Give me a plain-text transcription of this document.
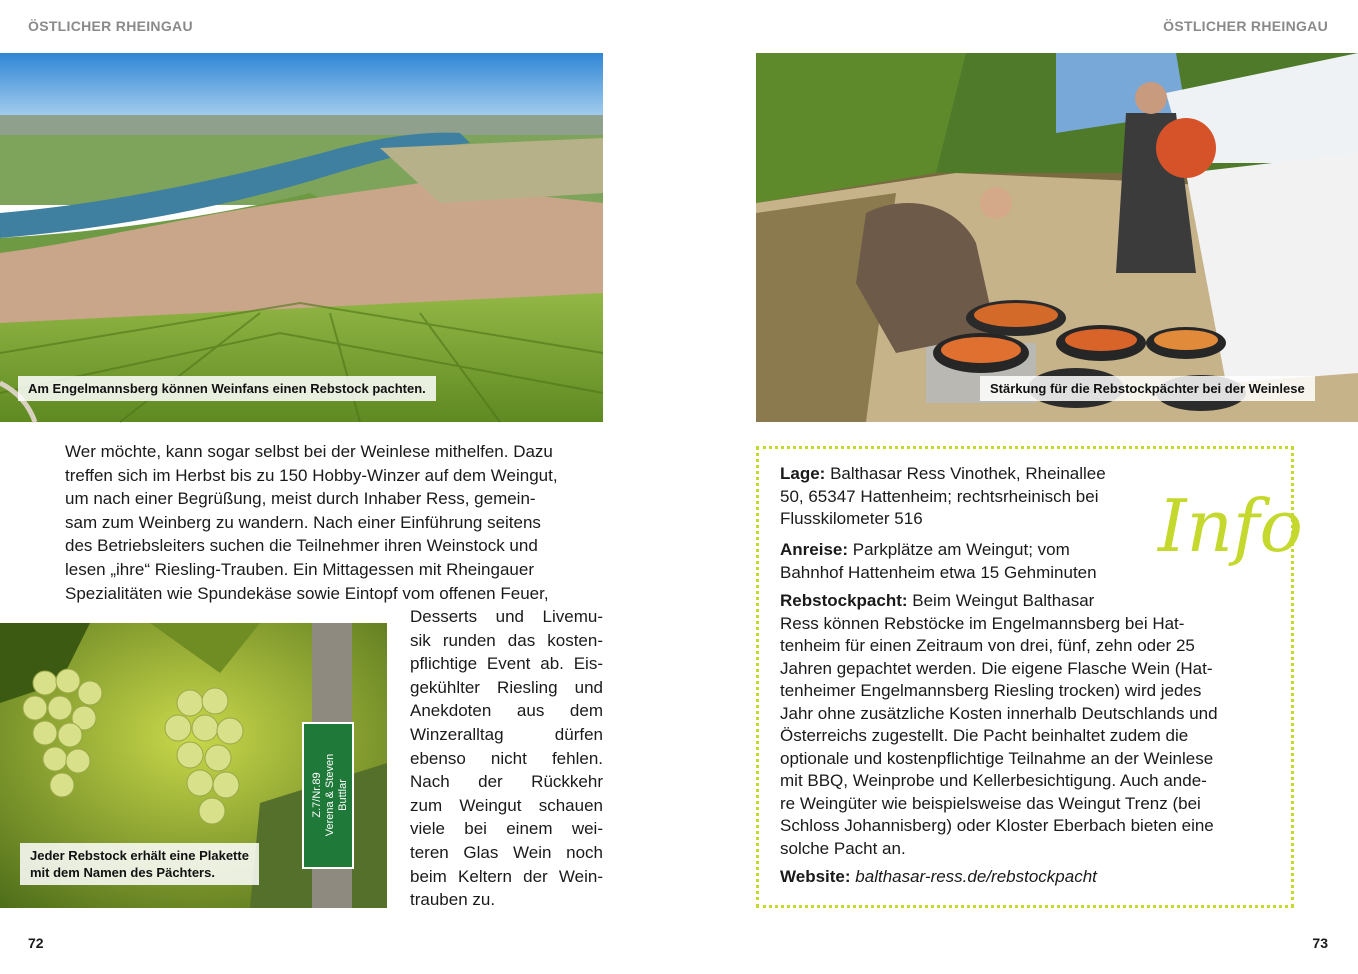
ÖSTLICHER RHEINGAU	ÖSTLICHER RHEINGAU
Am Engelmannsberg können Weinfans einen Rebstock pachten.	Stärkung für die Rebstockpächter bei der Weinlese
Wer möchte, kann sogar selbst bei der Weinlese mithelfen. Dazu
treffen sich im Herbst bis zu 150 Hobby-Winzer auf dem Weingut,
um nach einer Begrüßung, meist durch Inhaber Ress, gemein-
sam zum Weinberg zu wandern. Nach einer Einführung seitens
des Betriebsleiters suchen die Teilnehmer ihren Weinstock und
lesen „ihre“ Riesling-Trauben. Ein Mittagessen mit Rheingauer
Spezialitäten wie Spundekäse sowie Eintopf vom offenen Feuer,
Z.7/Nr.89 Verena & Steven Buttlar
Jeder Rebstock erhält eine Plakette
mit dem Namen des Pächters.
Desserts und Livemu-
sik runden das kosten-
pflichtige Event ab. Eis-
gekühlter Riesling und
Anekdoten aus dem
Winzeralltag dürfen
ebenso nicht fehlen.
Nach der Rückkehr
zum Weingut schauen
viele bei einem wei-
teren Glas Wein noch
beim Keltern der Wein-
trauben zu.
Info
Lage: Balthasar Ress Vinothek, Rheinallee
50, 65347 Hattenheim; rechtsrheinisch bei
Flusskilometer 516
Anreise: Parkplätze am Weingut; vom
Bahnhof Hattenheim etwa 15 Gehminuten
Rebstockpacht: Beim Weingut Balthasar
Ress können Rebstöcke im Engelmannsberg bei Hat-
tenheim für einen Zeitraum von drei, fünf, zehn oder 25
Jahren gepachtet werden. Die eigene Flasche Wein (Hat-
tenheimer Engelmannsberg Riesling trocken) wird jedes
Jahr ohne zusätzliche Kosten innerhalb Deutschlands und
Österreichs zugestellt. Die Pacht beinhaltet zudem die
optionale und kostenpflichtige Teilnahme an der Weinlese
mit BBQ, Weinprobe und Kellerbesichtigung. Auch ande-
re Weingüter wie beispielsweise das Weingut Trenz (bei
Schloss Johannisberg) oder Kloster Eberbach bieten eine
solche Pacht an.
Website: balthasar-ress.de/rebstockpacht
72	73
